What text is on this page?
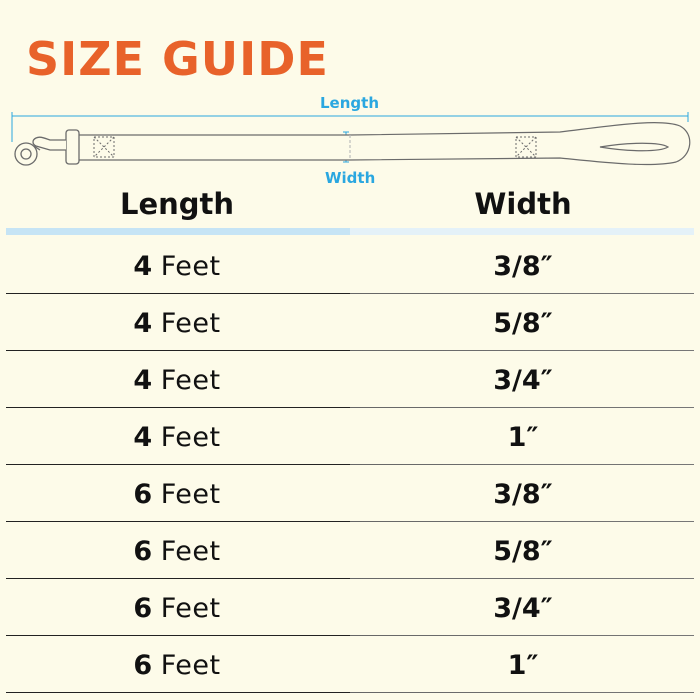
SIZE GUIDE
Length
Width
Length	Width
4 Feet	3/8″
4 Feet	5/8″
4 Feet	3/4″
4 Feet	1″
6 Feet	3/8″
6 Feet	5/8″
6 Feet	3/4″
6 Feet	1″
